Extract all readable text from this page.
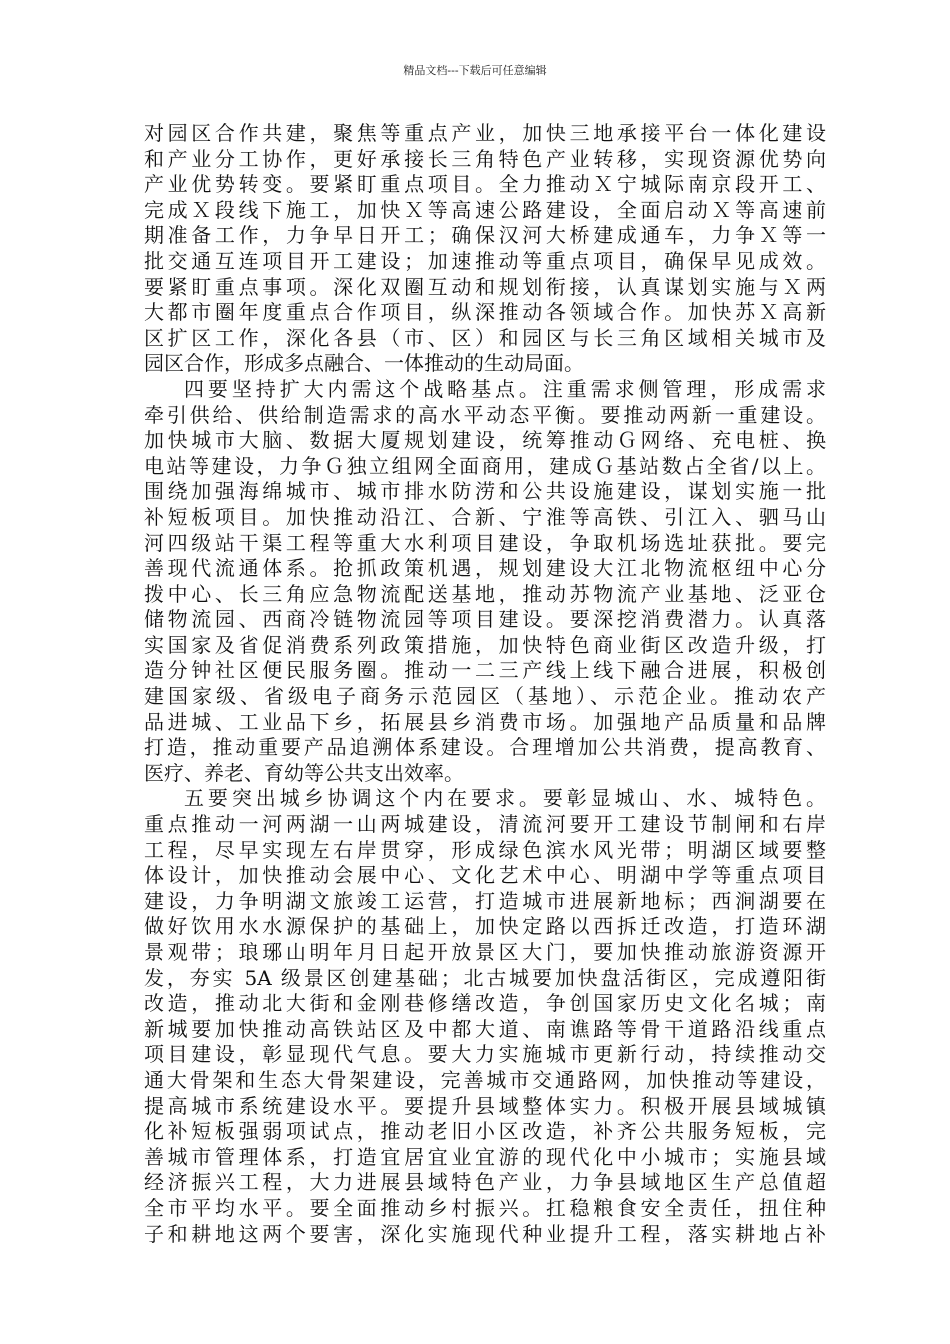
精品文档---下载后可任意编辑
对园区合作共建，聚焦等重点产业，加快三地承接平台一体化建设
和产业分工协作，更好承接长三角特色产业转移，实现资源优势向
产业优势转变。要紧盯重点项目。全力推动Ｘ宁城际南京段开工、
完成Ｘ段线下施工，加快Ｘ等高速公路建设，全面启动Ｘ等高速前
期准备工作，力争早日开工；确保汉河大桥建成通车，力争Ｘ等一
批交通互连项目开工建设；加速推动等重点项目，确保早见成效。
要紧盯重点事项。深化双圈互动和规划衔接，认真谋划实施与Ｘ两
大都市圈年度重点合作项目，纵深推动各领域合作。加快苏Ｘ高新
区扩区工作，深化各县（市、区）和园区与长三角区域相关城市及
园区合作，形成多点融合、一体推动的生动局面。
四要坚持扩大内需这个战略基点。注重需求侧管理，形成需求
牵引供给、供给制造需求的高水平动态平衡。要推动两新一重建设。
加快城市大脑、数据大厦规划建设，统筹推动Ｇ网络、充电桩、换
电站等建设，力争Ｇ独立组网全面商用，建成Ｇ基站数占全省/以上。
围绕加强海绵城市、城市排水防涝和公共设施建设，谋划实施一批
补短板项目。加快推动沿江、合新、宁淮等高铁、引江入、驷马山
河四级站干渠工程等重大水利项目建设，争取机场选址获批。要完
善现代流通体系。抢抓政策机遇，规划建设大江北物流枢纽中心分
拨中心、长三角应急物流配送基地，推动苏物流产业基地、泛亚仓
储物流园、西商冷链物流园等项目建设。要深挖消费潜力。认真落
实国家及省促消费系列政策措施，加快特色商业街区改造升级，打
造分钟社区便民服务圈。推动一二三产线上线下融合进展，积极创
建国家级、省级电子商务示范园区（基地）、示范企业。推动农产
品进城、工业品下乡，拓展县乡消费市场。加强地产品质量和品牌
打造，推动重要产品追溯体系建设。合理增加公共消费，提高教育、
医疗、养老、育幼等公共支出效率。
五要突出城乡协调这个内在要求。要彰显城山、水、城特色。
重点推动一河两湖一山两城建设，清流河要开工建设节制闸和右岸
工程，尽早实现左右岸贯穿，形成绿色滨水风光带；明湖区域要整
体设计，加快推动会展中心、文化艺术中心、明湖中学等重点项目
建设，力争明湖文旅竣工运营，打造城市进展新地标；西涧湖要在
做好饮用水水源保护的基础上，加快定路以西拆迁改造，打造环湖
景观带；琅琊山明年月日起开放景区大门，要加快推动旅游资源开
发，夯实 5A 级景区创建基础；北古城要加快盘活街区，完成遵阳街
改造，推动北大街和金刚巷修缮改造，争创国家历史文化名城；南
新城要加快推动高铁站区及中都大道、南谯路等骨干道路沿线重点
项目建设，彰显现代气息。要大力实施城市更新行动，持续推动交
通大骨架和生态大骨架建设，完善城市交通路网，加快推动等建设，
提高城市系统建设水平。要提升县域整体实力。积极开展县域城镇
化补短板强弱项试点，推动老旧小区改造，补齐公共服务短板，完
善城市管理体系，打造宜居宜业宜游的现代化中小城市；实施县域
经济振兴工程，大力进展县域特色产业，力争县域地区生产总值超
全市平均水平。要全面推动乡村振兴。扛稳粮食安全责任，扭住种
子和耕地这两个要害，深化实施现代种业提升工程，落实耕地占补
